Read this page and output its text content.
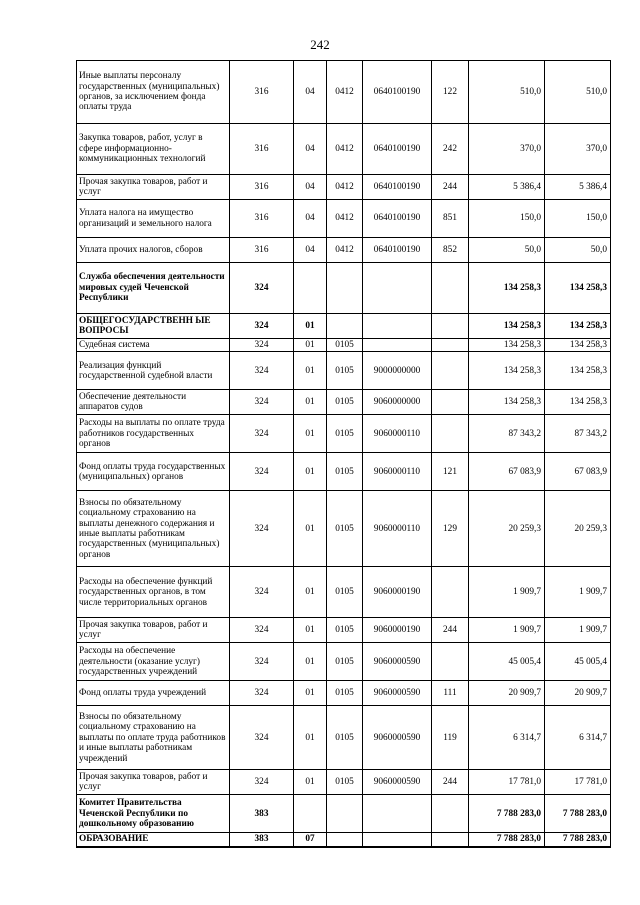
242
Иные выплаты персоналу государственных (муниципальных) органов, за исключением фонда оплаты труда	316	04	0412	0640100190	122	510,0	510,0
Закупка товаров, работ, услуг в сфере информационно-коммуникационных технологий	316	04	0412	0640100190	242	370,0	370,0
Прочая закупка товаров, работ и услуг	316	04	0412	0640100190	244	5 386,4	5 386,4
Уплата налога на имущество организаций и земельного налога	316	04	0412	0640100190	851	150,0	150,0
Уплата прочих налогов, сборов	316	04	0412	0640100190	852	50,0	50,0
Служба обеспечения деятельности мировых судей Чеченской Республики	324					134 258,3	134 258,3
ОБЩЕГОСУДАРСТВЕНН ЫЕ ВОПРОСЫ	324	01				134 258,3	134 258,3
Судебная система	324	01	0105			134 258,3	134 258,3
Реализация функций государственной судебной власти	324	01	0105	9000000000		134 258,3	134 258,3
Обеспечение деятельности аппаратов судов	324	01	0105	9060000000		134 258,3	134 258,3
Расходы на выплаты по оплате труда работников государственных органов	324	01	0105	9060000110		87 343,2	87 343,2
Фонд оплаты труда государственных (муниципальных) органов	324	01	0105	9060000110	121	67 083,9	67 083,9
Взносы по обязательному социальному страхованию на выплаты денежного содержания и иные выплаты работникам государственных (муниципальных) органов	324	01	0105	9060000110	129	20 259,3	20 259,3
Расходы на обеспечение функций государственных органов, в том числе территориальных органов	324	01	0105	9060000190		1 909,7	1 909,7
Прочая закупка товаров, работ и услуг	324	01	0105	9060000190	244	1 909,7	1 909,7
Расходы на обеспечение деятельности (оказание услуг) государственных учреждений	324	01	0105	9060000590		45 005,4	45 005,4
Фонд оплаты труда учреждений	324	01	0105	9060000590	111	20 909,7	20 909,7
Взносы по обязательному социальному страхованию на выплаты по оплате труда работников и иные выплаты работникам учреждений	324	01	0105	9060000590	119	6 314,7	6 314,7
Прочая закупка товаров, работ и услуг	324	01	0105	9060000590	244	17 781,0	17 781,0
Комитет Правительства Чеченской Республики по дошкольному образованию	383					7 788 283,0	7 788 283,0
ОБРАЗОВАНИЕ	383	07				7 788 283,0	7 788 283,0
